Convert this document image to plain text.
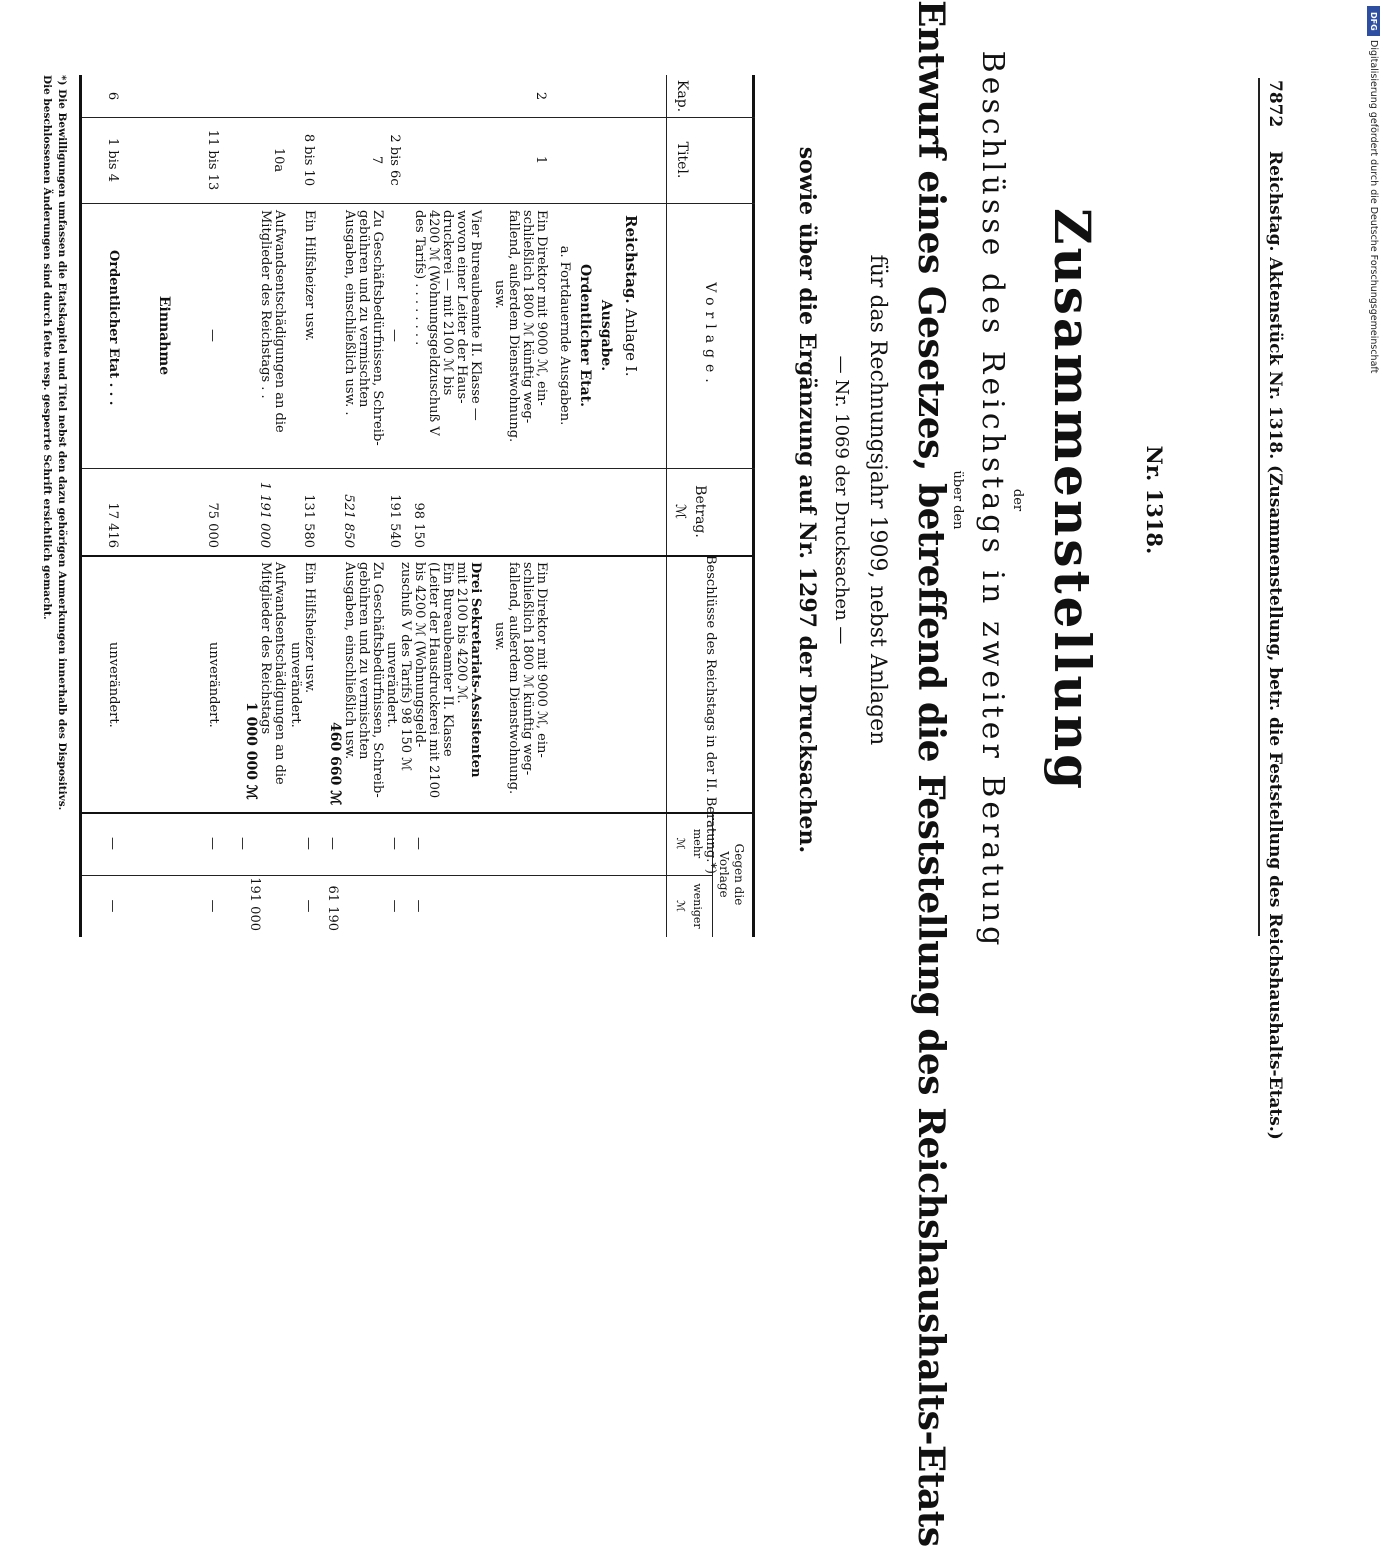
7872    Reichstag. Aktenstück Nr. 1318. (Zusammenstellung, betr. die Feststellung des Reichshaushalts-Etats.)
Nr. 1318.
Zusammenstellung
der
Beschlüsse des Reichstags in zweiter Beratung
über den
Entwurf eines Gesetzes, betreffend die Feststellung des Reichshaushalts-Etats
für das Rechnungsjahr 1909, nebst Anlagen
— Nr. 1069 der Drucksachen —
sowie über die Ergänzung auf Nr. 1297 der Drucksachen.
Kap.
Titel.
Vorlage.
Betrag.
ℳ
Beschlüsse des Reichstags in der II. Beratung.*)
Gegen die
Vorlage
mehr
ℳ
weniger
ℳ
Reichstag. Anlage I.
Ausgabe.
Ordentlicher Etat.
a. Fortdauernde Ausgaben.
2
1
Ein Direktor mit 9000 ℳ, ein-
schließlich 1800 ℳ künftig weg-
fallend, außerdem Dienstwohnung.
usw.
Ein Direktor mit 9000 ℳ, ein-
schließlich 1800 ℳ künftig weg-
fallend, außerdem Dienstwohnung.
usw.
Vier Bureaubeamte II. Klasse —
wovon einer Leiter der Haus-
druckerei — mit 2100 ℳ bis
4200 ℳ (Wohnungsgeldzuschuß V
des Tarifs) . . . . . . . .
98 150
Drei Sekretariats-Assistenten
mit 2100 bis 4200 ℳ.
Ein Bureaubeamter II. Klasse
(Leiter der Hausdruckerei mit 2100
bis 4200 ℳ (Wohnungsgeld-
zuschuß V des Tarifs) 98 150 ℳ
unverändert.
—
—
2 bis 6c
—
191 540
—
—
7
Zu Geschäftsbedürfnissen, Schreib-
gebühren und zu vermischten
Ausgaben, einschließlich usw. .
521 850
Zu Geschäftsbedürfnissen, Schreib-
gebühren und zu vermischten
Ausgaben, einschließlich usw.
460 660 ℳ
—
61 190
8 bis 10
Ein Hilfsheizer usw.
131 580
Ein Hilfsheizer usw.
unverändert.
—
—
10a
Aufwandsentschädigungen an die
Mitglieder des Reichstags . .
1 191 000
Aufwandsentschädigungen an die
Mitglieder des Reichstags
1 000 000 ℳ
—
191 000
11 bis 13
—
75 000
unverändert.
—
—
Einnahme
6
1 bis 4
Ordentlicher Etat . . .
17 416
unverändert.
—
—
*) Die Bewilligungen umfassen die Etatskapitel und Titel nebst den dazu gehörigen Anmerkungen innerhalb des Dispositivs.
Die beschlossenen Änderungen sind durch fette resp. gesperrte Schrift ersichtlich gemacht.
DFG
Digitalisierung gefördert durch die Deutsche Forschungsgemeinschaft
